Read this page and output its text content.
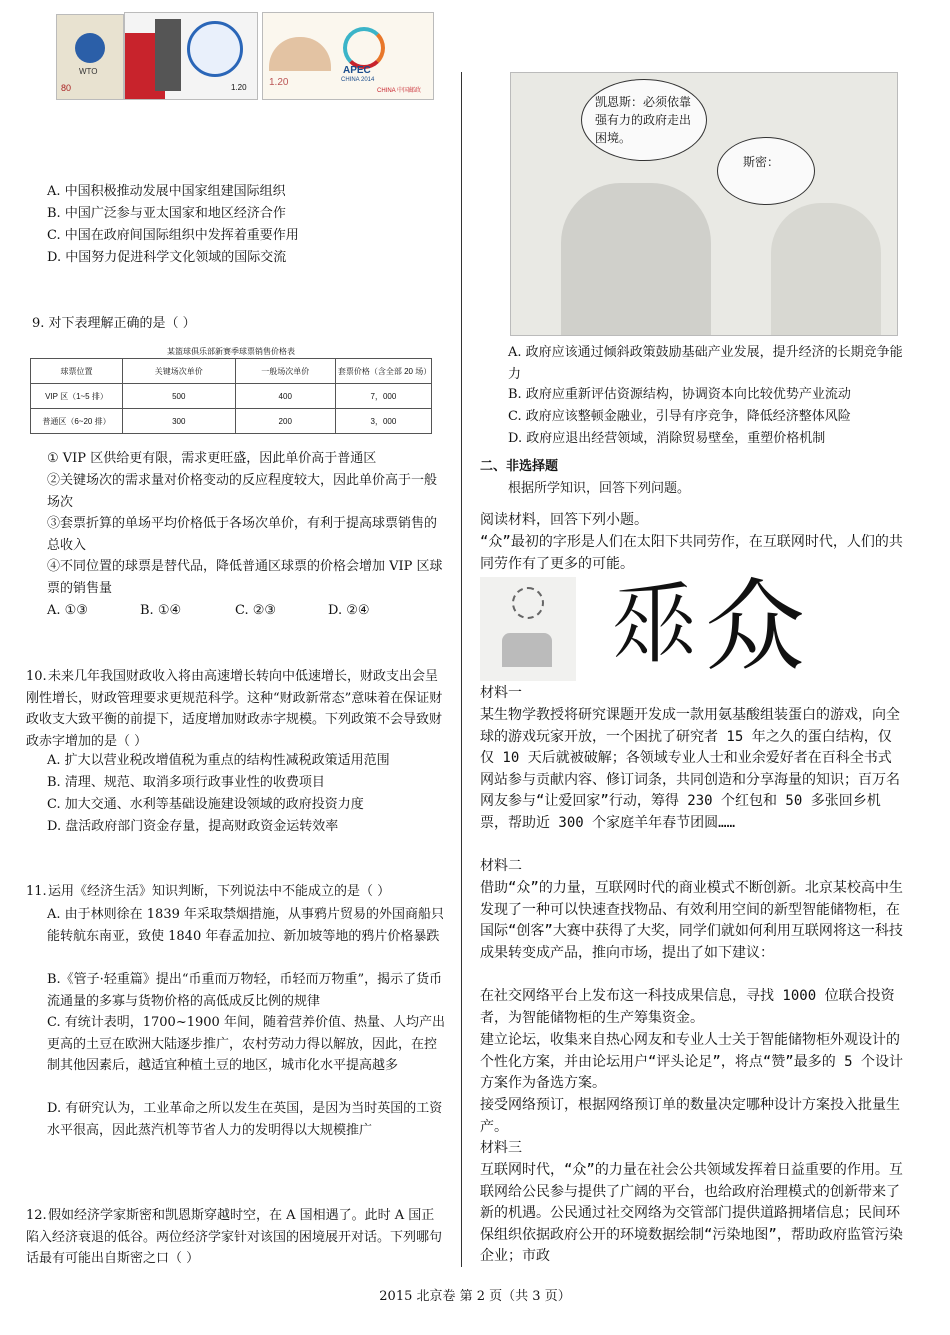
WTO
80	1.20
APEC
CHINA 2014
1.20
CHINA 中国邮政
A. 中国积极推动发展中国家组建国际组织
B. 中国广泛参与亚太国家和地区经济合作
C. 中国在政府间国际组织中发挥着重要作用
D. 中国努力促进科学文化领域的国际交流
9. 对下表理解正确的是（ ）
某篮球俱乐部新赛季球票销售价格表
球票位置	关键场次单价	一般场次单价	套票价格（含全部 20 场）
VIP 区（1~5 排）	500	400	7，000
普通区（6~20 排）	300	200	3，000
① VIP 区供给更有限，需求更旺盛，因此单价高于普通区
②关键场次的需求量对价格变动的反应程度较大，因此单价高于一般场次
③套票折算的单场平均价格低于各场次单价，有利于提高球票销售的总收入
④不同位置的球票是替代品，降低普通区球票的价格会增加 VIP 区球票的销售量
A. ①③	B. ①④	C. ②③	D. ②④
10.未来几年我国财政收入将由高速增长转向中低速增长，财政支出会呈刚性增长，财政管理要求更规范科学。这种“财政新常态”意味着在保证财政收支大致平衡的前提下，适度增加财政赤字规模。下列政策不会导致财政赤字增加的是（ ）
A. 扩大以营业税改增值税为重点的结构性减税政策适用范围
B. 清理、规范、取消多项行政事业性的收费项目
C. 加大交通、水利等基础设施建设领域的政府投资力度
D. 盘活政府部门资金存量，提高财政资金运转效率
11.运用《经济生活》知识判断，下列说法中不能成立的是（ ）
A. 由于林则徐在 1839 年采取禁烟措施，从事鸦片贸易的外国商船只能转航东南亚，致使 1840 年春孟加拉、新加坡等地的鸦片价格暴跌
B.《管子·轻重篇》提出“币重而万物轻，币轻而万物重”，揭示了货币流通量的多寡与货物价格的高低成反比例的规律
C. 有统计表明，1700~1900 年间，随着营养价值、热量、人均产出更高的土豆在欧洲大陆逐步推广，农村劳动力得以解放，因此，在控制其他因素后，越适宜种植土豆的地区，城市化水平提高越多
D. 有研究认为，工业革命之所以发生在英国，是因为当时英国的工资水平很高，因此蒸汽机等节省人力的发明得以大规模推广
12.假如经济学家斯密和凯恩斯穿越时空，在 A 国相遇了。此时 A 国正陷入经济衰退的低谷。两位经济学家针对该国的困境展开对话。下列哪句话最有可能出自斯密之口（ ）
凯恩斯：必须依靠强有力的政府走出困境。
斯密：
A. 政府应该通过倾斜政策鼓励基础产业发展，提升经济的长期竞争能力
B. 政府应重新评估资源结构，协调资本向比较优势产业流动
C. 政府应该整顿金融业，引导有序竞争，降低经济整体风险
D. 政府应退出经营领域，消除贸易壁垒，重塑价格机制
二、非选择题
根据所学知识，回答下列问题。
阅读材料，回答下列小题。
“众”最初的字形是人们在太阳下共同劳作，在互联网时代，人们的共同劳作有了更多的可能。
𠂹 众
材料一
某生物学教授将研究课题开发成一款用氨基酸组装蛋白的游戏，向全球的游戏玩家开放，一个困扰了研究者 15 年之久的蛋白结构，仅仅 10 天后就被破解；各领域专业人士和业余爱好者在百科全书式网站参与贡献内容、修订词条，共同创造和分享海量的知识；百万名网友参与“让爱回家”行动，筹得 230 个红包和 50 多张回乡机票，帮助近 300 个家庭羊年春节团圆……
材料二
借助“众”的力量，互联网时代的商业模式不断创新。北京某校高中生发现了一种可以快速查找物品、有效利用空间的新型智能储物柜，在国际“创客”大赛中获得了大奖，同学们就如何利用互联网将这一科技成果转变成产品，推向市场，提出了如下建议：
在社交网络平台上发布这一科技成果信息，寻找 1000 位联合投资者，为智能储物柜的生产筹集资金。
建立论坛，收集来自热心网友和专业人士关于智能储物柜外观设计的个性化方案，并由论坛用户“评头论足”，将点“赞”最多的 5 个设计方案作为备选方案。
接受网络预订，根据网络预订单的数量决定哪种设计方案投入批量生产。
材料三
互联网时代，“众”的力量在社会公共领域发挥着日益重要的作用。互联网给公民参与提供了广阔的平台，也给政府治理模式的创新带来了新的机遇。公民通过社交网络为交管部门提供道路拥堵信息；民间环保组织依据政府公开的环境数据绘制“污染地图”，帮助政府监管污染企业；市政
2015 北京卷 第 2 页（共 3 页）
